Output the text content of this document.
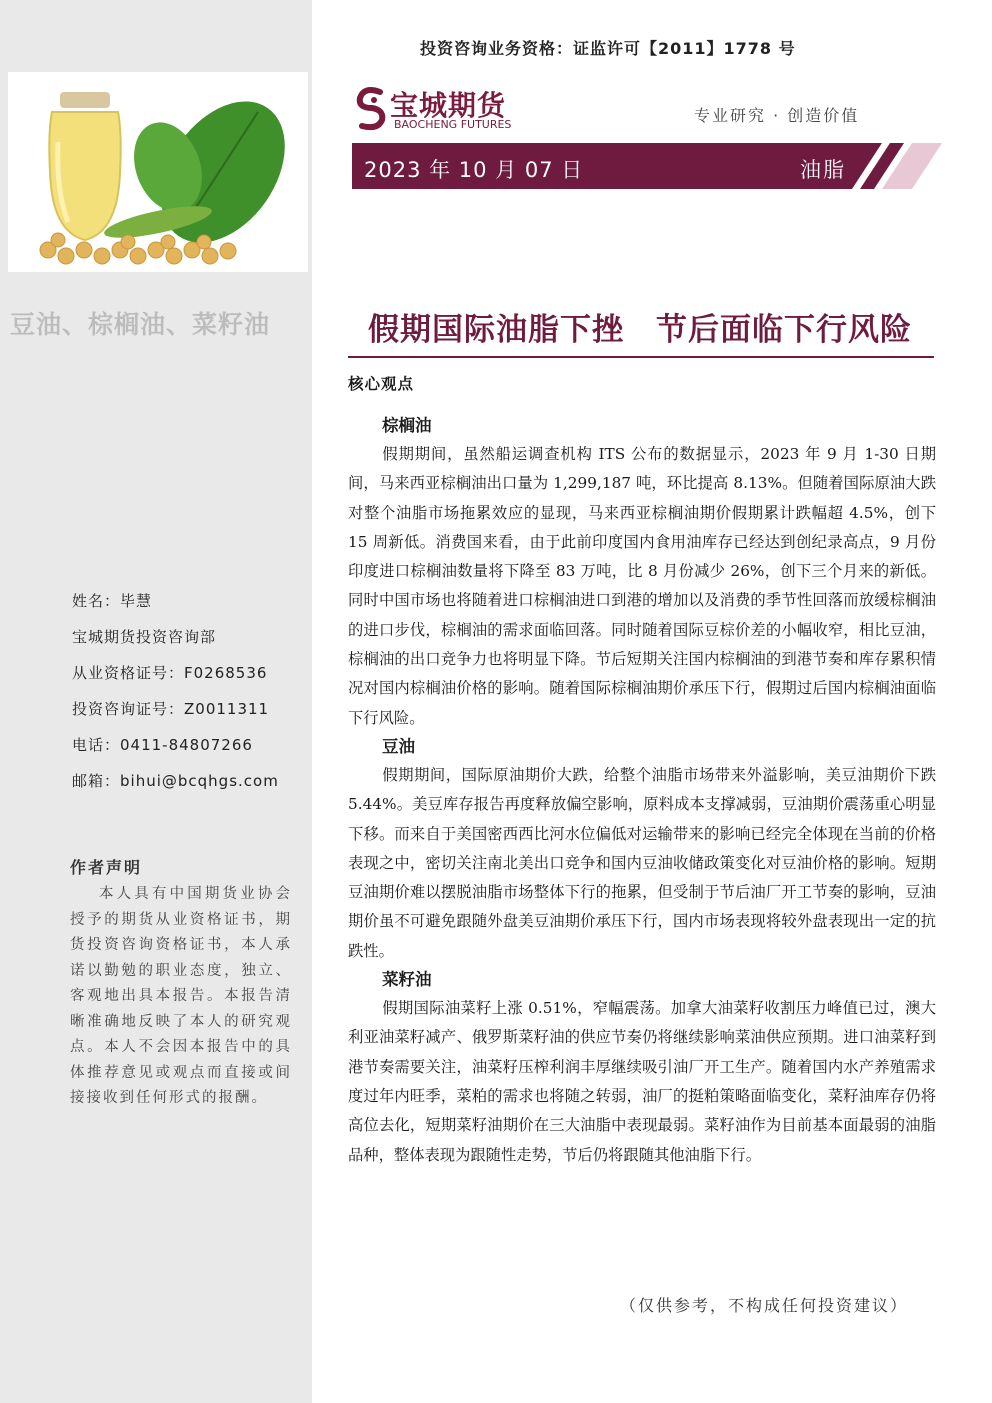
豆油、棕榈油、菜籽油
姓名：毕慧
宝城期货投资咨询部
从业资格证号：F0268536
投资咨询证号：Z0011311
电话：0411-84807266
邮箱：bihui@bcqhgs.com
作者声明
本人具有中国期货业协会授予的期货从业资格证书，期货投资咨询资格证书，本人承诺以勤勉的职业态度，独立、客观地出具本报告。本报告清晰准确地反映了本人的研究观点。本人不会因本报告中的具体推荐意见或观点而直接或间接接收到任何形式的报酬。
投资咨询业务资格：证监许可【2011】1778 号
宝城期货
BAOCHENG FUTURES	专业研究 · 创造价值
2023 年 10 月 07 日	油脂
假期国际油脂下挫　节后面临下行风险
核心观点
棕榈油

假期期间，虽然船运调查机构 ITS 公布的数据显示，2023 年 9 月 1-30 日期间，马来西亚棕榈油出口量为 1,299,187 吨，环比提高 8.13%。但随着国际原油大跌对整个油脂市场拖累效应的显现，马来西亚棕榈油期价假期累计跌幅超 4.5%，创下 15 周新低。消费国来看，由于此前印度国内食用油库存已经达到创纪录高点，9 月份印度进口棕榈油数量将下降至 83 万吨，比 8 月份减少 26%，创下三个月来的新低。同时中国市场也将随着进口棕榈油进口到港的增加以及消费的季节性回落而放缓棕榈油的进口步伐，棕榈油的需求面临回落。同时随着国际豆棕价差的小幅收窄，相比豆油，棕榈油的出口竞争力也将明显下降。节后短期关注国内棕榈油的到港节奏和库存累积情况对国内棕榈油价格的影响。随着国际棕榈油期价承压下行，假期过后国内棕榈油面临下行风险。

豆油

假期期间，国际原油期价大跌，给整个油脂市场带来外溢影响，美豆油期价下跌 5.44%。美豆库存报告再度释放偏空影响，原料成本支撑减弱，豆油期价震荡重心明显下移。而来自于美国密西西比河水位偏低对运输带来的影响已经完全体现在当前的价格表现之中，密切关注南北美出口竞争和国内豆油收储政策变化对豆油价格的影响。短期豆油期价难以摆脱油脂市场整体下行的拖累，但受制于节后油厂开工节奏的影响，豆油期价虽不可避免跟随外盘美豆油期价承压下行，国内市场表现将较外盘表现出一定的抗跌性。

菜籽油

假期国际油菜籽上涨 0.51%，窄幅震荡。加拿大油菜籽收割压力峰值已过，澳大利亚油菜籽减产、俄罗斯菜籽油的供应节奏仍将继续影响菜油供应预期。进口油菜籽到港节奏需要关注，油菜籽压榨利润丰厚继续吸引油厂开工生产。随着国内水产养殖需求度过年内旺季，菜粕的需求也将随之转弱，油厂的挺粕策略面临变化，菜籽油库存仍将高位去化，短期菜籽油期价在三大油脂中表现最弱。菜籽油作为目前基本面最弱的油脂品种，整体表现为跟随性走势，节后仍将跟随其他油脂下行。

（仅供参考，不构成任何投资建议）
